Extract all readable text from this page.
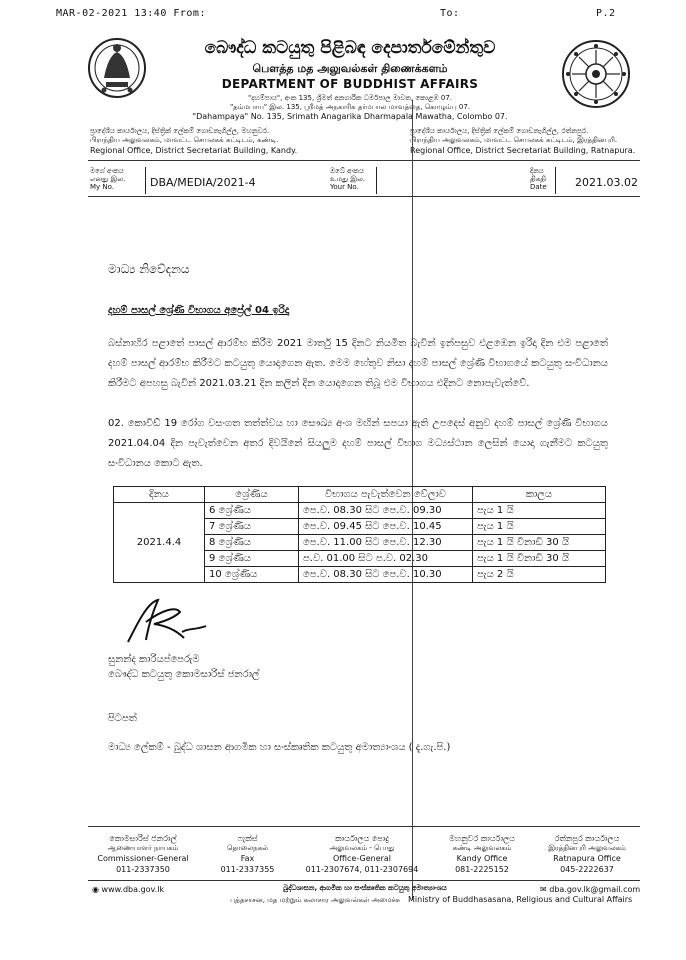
MAR-02-2021 13:40 From:	To:	P.2
බෞද්ධ කටයුතු පිළිබඳ දෙපාර්තමේන්තුව
பௌத்த மத அலுவல்கள் திணைக்களம்
DEPARTMENT OF BUDDHIST AFFAIRS
"දහම්පාය", අංක 135, ශ්‍රීමත් අනගාරික ධර්මපාල මාවත, කොළඹ 07.
"தம்மபாய" இல. 135, ஸ்ரீமத் அநகாரிக தர்மபால மாவத்தை, கொழும்பு 07.
"Dahampaya" No. 135, Srimath Anagarika Dharmapala Mawatha, Colombo 07.
ප්‍රාදේශීය කාර්යාලය, දිස්ත්‍රික් ලේකම් ගොඩනැගිල්ල, මහනුවර.
பிராந்திய அலுவலகம், மாவட்ட செயலகக் கட்டிடம், கண்டி.
Regional Office, District Secretariat Building, Kandy.
ප්‍රාදේශීය කාර්යාලය, දිස්ත්‍රික් ලේකම් ගොඩනැගිල්ල, රත්නපුර.
பிராந்திய அலுவலகம், மாவட்ட செயலகக் கட்டிடம், இரத்தினபுரி.
Regional Office, District Secretariat Building, Ratnapura.
මගේ අංකය
எனது இல.
My No.	DBA/MEDIA/2021-4
ඔබේ අංකය
உமது இல.
Your No.
දිනය
திகதி
Date	2021.03.02
මාධ්‍ය නිවේදනය
දහම් පාසල් ශ්‍රේණි විභාගය අප්‍රේල් 04 ඉරිදා
බස්නාහිර පළාතේ පාසල් ආරම්භ කිරීම 2021 මාර්තු 15 දිනට නියමිත බැවින් ඉන්පසුව එළඹෙන ඉරිදා දින එම පළාතේ දහම් පාසල් ආරම්භ කිරීමට කටයුතු යොදාගෙන ඇත. මෙම හේතුව නිසා දහම් පාසල් ශ්‍රේණි විභාගයේ කටයුතු සංවිධානය කිරීමට අපහසු බැවින් 2021.03.21 දින කලින් දින යොදාගෙන තිබූ එම විභාගය එදිනට නොපැවැත්වේ.
02. කොවිඩ් 19 රෝග වසංගත තත්ත්වය හා සෞඛ්‍ය අංශ මඟින් සපයා ඇති උපදෙස් අනුව දහම් පාසල් ශ්‍රේණි විභාගය 2021.04.04 දින පැවැත්වෙන අතර දිවයිනේ සියලුම දහම් පාසල් විභාග මධ්‍යස්ථාන ලෙසින් යොදා ගැනීමට කටයුතු සංවිධානය කොට ඇත.
දිනය	ශ්‍රේණිය	විභාගය පැවැත්වෙන වේලාව	කාලය
2021.4.4	6 ශ්‍රේණිය	පෙ.ව. 08.30 සිට පෙ.ව. 09.30	පැය 1 යි
	7 ශ්‍රේණිය	පෙ.ව. 09.45 සිට පෙ.ව. 10.45	පැය 1 යි
	8 ශ්‍රේණිය	පෙ.ව. 11.00 සිට පෙ.ව. 12.30	පැය 1 යි විනාඩි 30 යි
	9 ශ්‍රේණිය	ප.ව. 01.00 සිට ප.ව. 02.30	පැය 1 යි විනාඩි 30 යි
	10 ශ්‍රේණිය	පෙ.ව. 08.30 සිට පෙ.ව. 10.30	පැය 2 යි
සුනන්ද කාරියප්පෙරුම
බෞද්ධ කටයුතු කොමසාරිස් ජනරාල්
පිටපත්
මාධ්‍ය ලේකම් - බුද්ධ ශාසන ආගමික හා සංස්කෘතික කටයුතු අමාත්‍යාංශය ( දැ.ගැ.පි.)
කොමසාරිස් ජනරාල්
ஆணையாளர் நாயகம்
Commissioner-General
011-2337350
ෆැක්ස්
தொலைநகல்
Fax
011-2337355
කාර්යාලය පොදු
அலுவலகம் - பொது
Office-General
011-2307674, 011-2307694
මහනුවර කාර්යාලය
கண்டி அலுவலகம்
Kandy Office
081-2225152
රත්නපුර කාර්යාලය
இரத்தினபுரி அலுவலகம்
Ratnapura Office
045-2222637
◉ www.dba.gov.lk	✉ dba.gov.lk@gmail.com
බුද්ධශාසන, ආගමික හා සංස්කෘතික කටයුතු අමාත්‍යාංශය
புத்தசாசன, மத மற்றும் கலாசார அலுவல்கள் அமைச்சு Ministry of Buddhasasana, Religious and Cultural Affairs
